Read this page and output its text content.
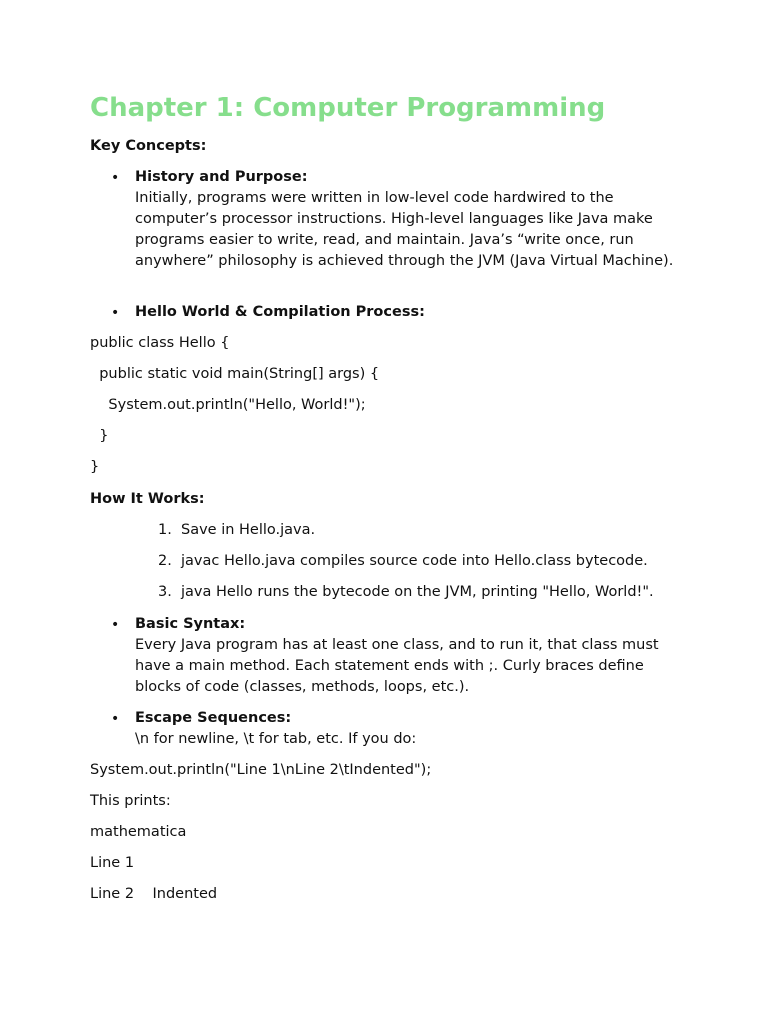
Chapter 1: Computer Programming

Key Concepts:

• History and Purpose:

Initially, programs were written in low-level code hardwired to the computer’s processor instructions. High-level languages like Java make programs easier to write, read, and maintain. Java’s “write once, run anywhere” philosophy is achieved through the JVM (Java Virtual Machine).

• Hello World & Compilation Process:

public class Hello {

public static void main(String[] args) {

System.out.println("Hello, World!");

}

}

How It Works:

1. Save in Hello.java.

2. javac Hello.java compiles source code into Hello.class bytecode.

3. java Hello runs the bytecode on the JVM, printing "Hello, World!".

• Basic Syntax:

Every Java program has at least one class, and to run it, that class must have a main method. Each statement ends with ;. Curly braces define blocks of code (classes, methods, loops, etc.).

• Escape Sequences:

\n for newline, \t for tab, etc. If you do:

System.out.println("Line 1\nLine 2\tIndented");

This prints:

mathematica

Line 1

Line 2    Indented
